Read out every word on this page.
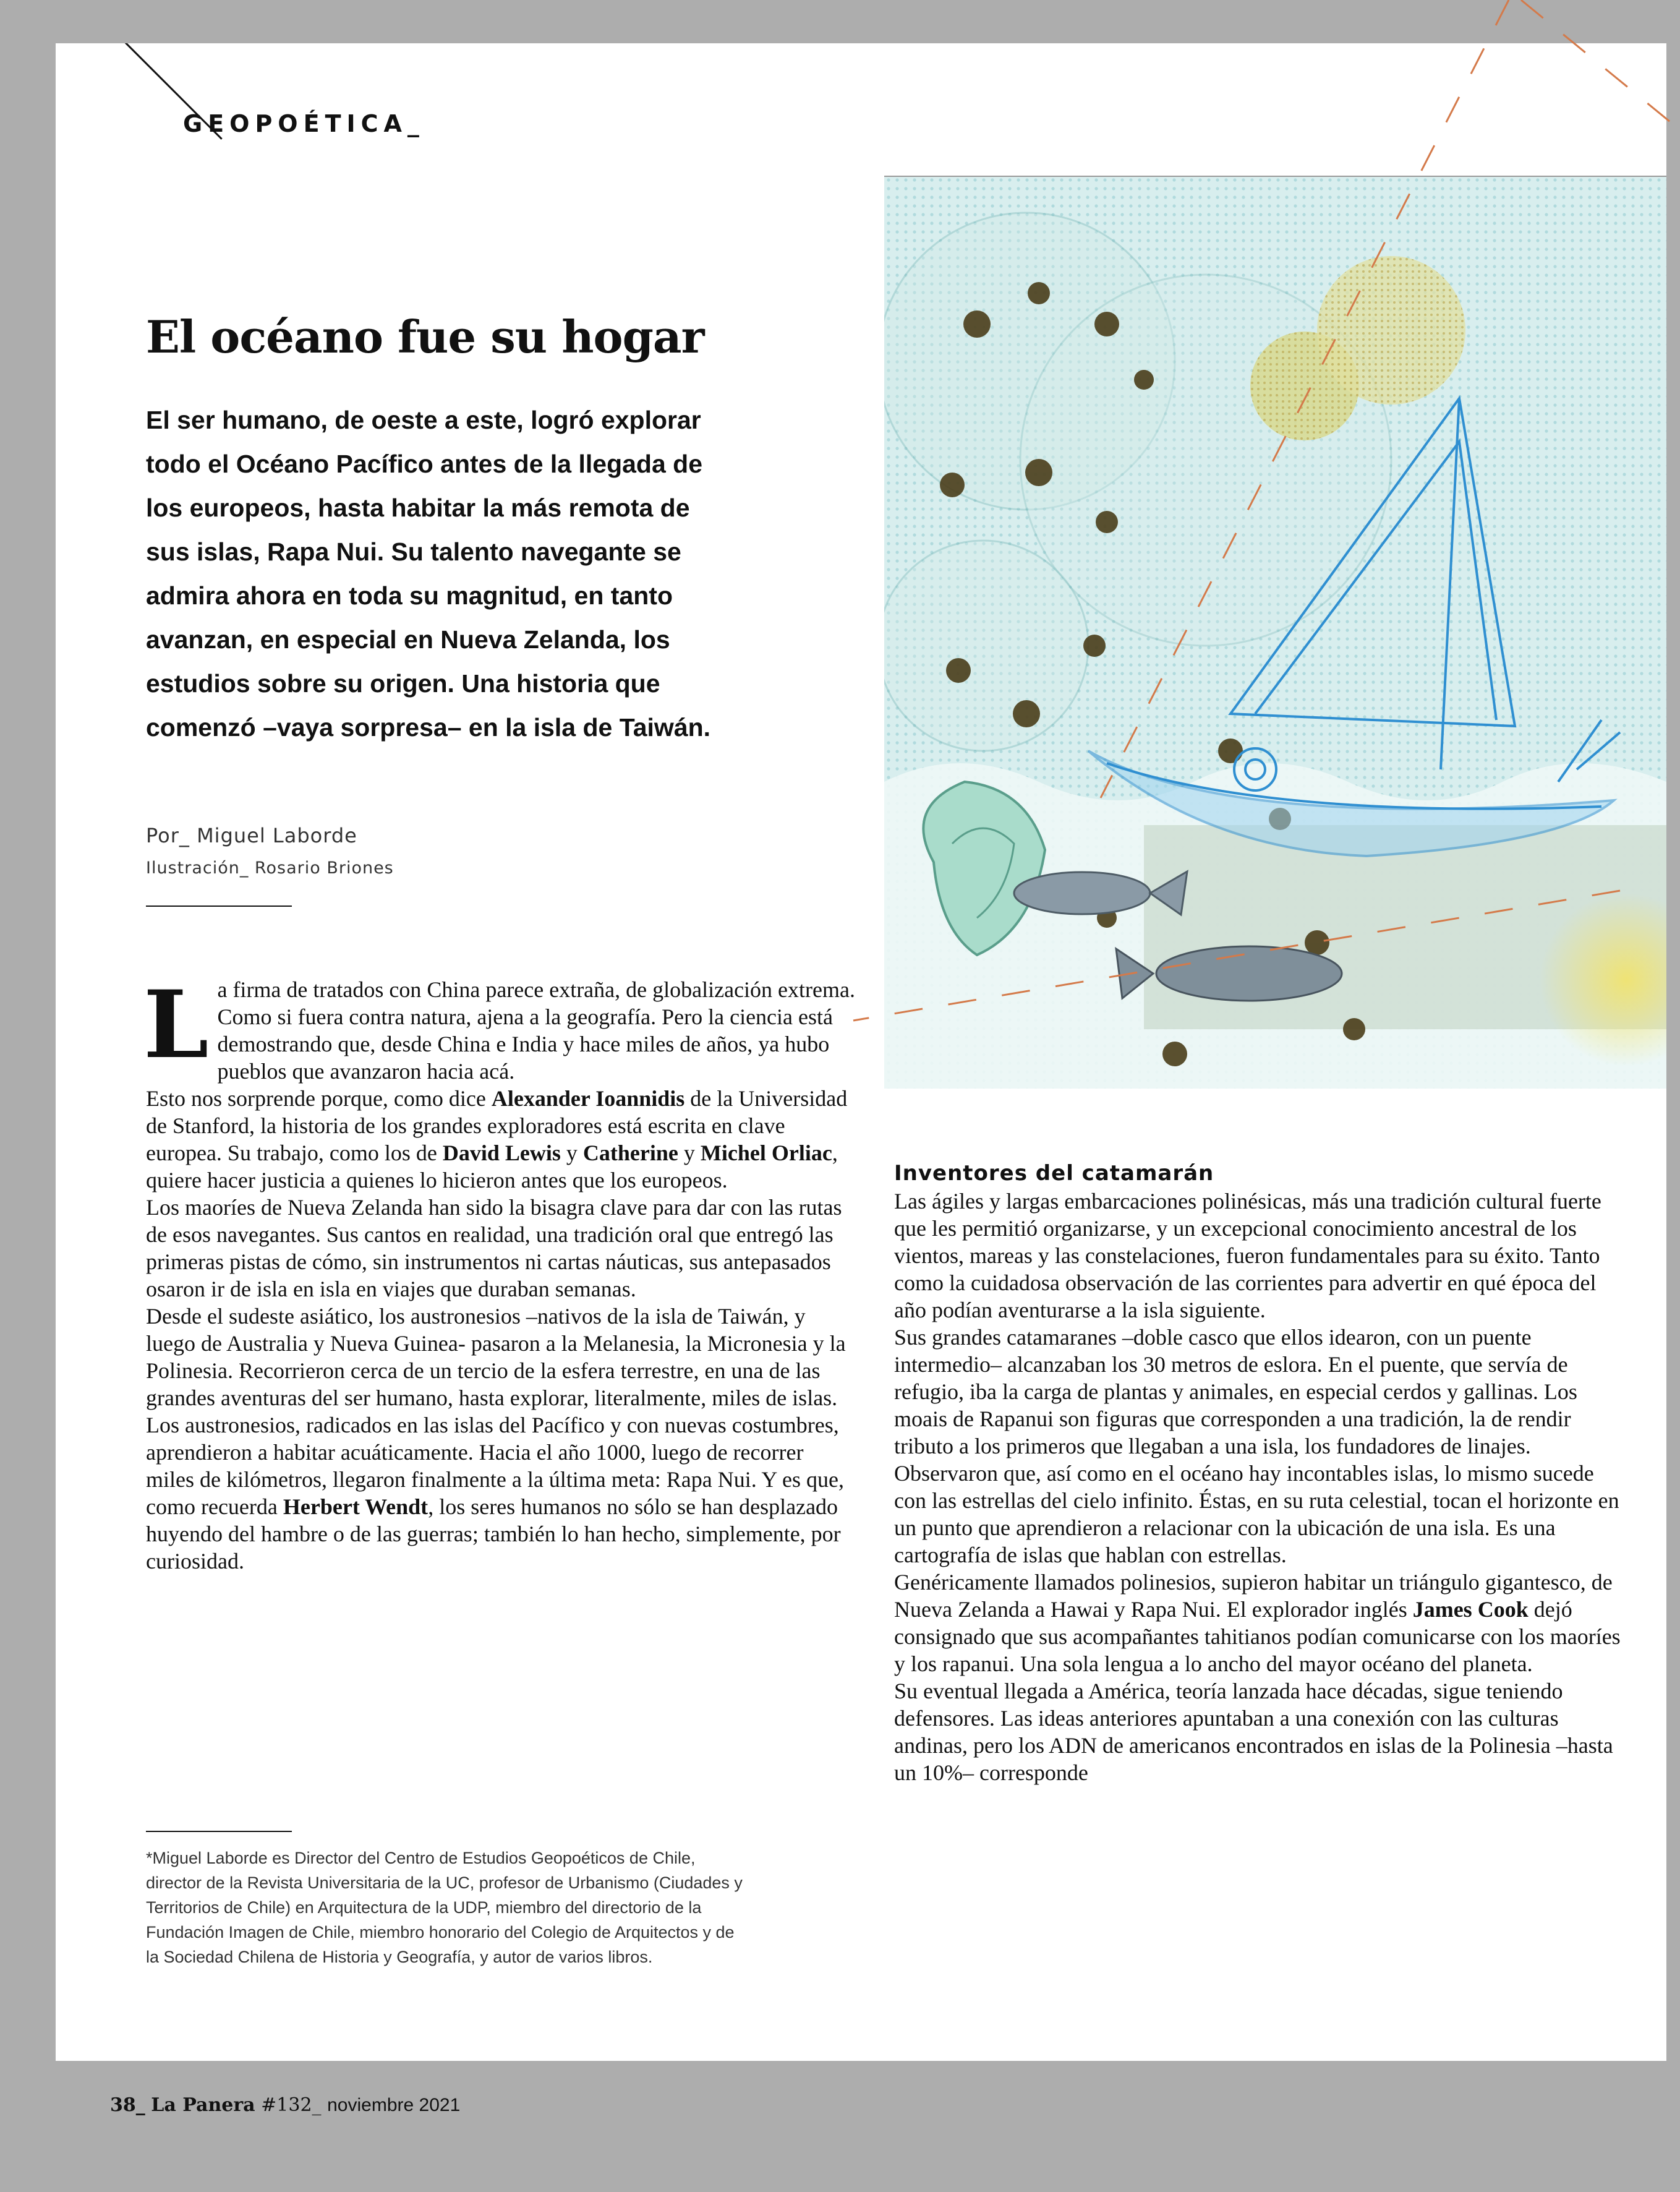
GEOPOÉTICA_

El océano fue su hogar

El ser humano, de oeste a este, logró explorar todo el Océano Pacífico antes de la llegada de los europeos, hasta habitar la más remota de sus islas, Rapa Nui. Su talento navegante se admira ahora en toda su magnitud, en tanto avanzan, en especial en Nueva Zelanda, los estudios sobre su origen. Una historia que comenzó –vaya sorpresa– en la isla de Taiwán.

Por_ Miguel Laborde

Ilustración_ Rosario Briones

La firma de tratados con China parece extraña, de globalización extrema. Como si fuera contra natura, ajena a la geografía. Pero la ciencia está demostrando que, desde China e India y hace miles de años, ya hubo pueblos que avanzaron hacia acá.

Esto nos sorprende porque, como dice Alexander Ioannidis de la Universidad de Stanford, la historia de los grandes exploradores está escrita en clave europea. Su trabajo, como los de David Lewis y Catherine y Michel Orliac, quiere hacer justicia a quienes lo hicieron antes que los europeos.

Los maoríes de Nueva Zelanda han sido la bisagra clave para dar con las rutas de esos navegantes. Sus cantos en realidad, una tradición oral que entregó las primeras pistas de cómo, sin instrumentos ni cartas náuticas, sus antepasados osaron ir de isla en isla en viajes que duraban semanas.

Desde el sudeste asiático, los austronesios –nativos de la isla de Taiwán, y luego de Australia y Nueva Guinea- pasaron a la Melanesia, la Micronesia y la Polinesia. Recorrieron cerca de un tercio de la esfera terrestre, en una de las grandes aventuras del ser humano, hasta explorar, literalmente, miles de islas.

Los austronesios, radicados en las islas del Pacífico y con nuevas costumbres, aprendieron a habitar acuáticamente. Hacia el año 1000, luego de recorrer miles de kilómetros, llegaron finalmente a la última meta: Rapa Nui. Y es que, como recuerda Herbert Wendt, los seres humanos no sólo se han desplazado huyendo del hambre o de las guerras; también lo han hecho, simplemente, por curiosidad.

*Miguel Laborde es Director del Centro de Estudios Geopoéticos de Chile, director de la Revista Universitaria de la UC, profesor de Urbanismo (Ciudades y Territorios de Chile) en Arquitectura de la UDP, miembro del directorio de la Fundación Imagen de Chile, miembro honorario del Colegio de Arquitectos y de la Sociedad Chilena de Historia y Geografía, y autor de varios libros.

Inventores del catamarán

Las ágiles y largas embarcaciones polinésicas, más una tradición cultural fuerte que les permitió organizarse, y un excepcional conocimiento ancestral de los vientos, mareas y las constelaciones, fueron fundamentales para su éxito. Tanto como la cuidadosa observación de las corrientes para advertir en qué época del año podían aventurarse a la isla siguiente.

Sus grandes catamaranes –doble casco que ellos idearon, con un puente intermedio– alcanzaban los 30 metros de eslora. En el puente, que servía de refugio, iba la carga de plantas y animales, en especial cerdos y gallinas. Los moais de Rapanui son figuras que corresponden a una tradición, la de rendir tributo a los primeros que llegaban a una isla, los fundadores de linajes.

Observaron que, así como en el océano hay incontables islas, lo mismo sucede con las estrellas del cielo infinito. Éstas, en su ruta celestial, tocan el horizonte en un punto que aprendieron a relacionar con la ubicación de una isla. Es una cartografía de islas que hablan con estrellas.

Genéricamente llamados polinesios, supieron habitar un triángulo gigantesco, de Nueva Zelanda a Hawai y Rapa Nui. El explorador inglés James Cook dejó consignado que sus acompañantes tahitianos podían comunicarse con los maoríes y los rapanui. Una sola lengua a lo ancho del mayor océano del planeta.

Su eventual llegada a América, teoría lanzada hace décadas, sigue teniendo defensores. Las ideas anteriores apuntaban a una conexión con las culturas andinas, pero los ADN de americanos encontrados en islas de la Polinesia –hasta un 10%– corresponde

38_ La Panera #132_ noviembre 2021
